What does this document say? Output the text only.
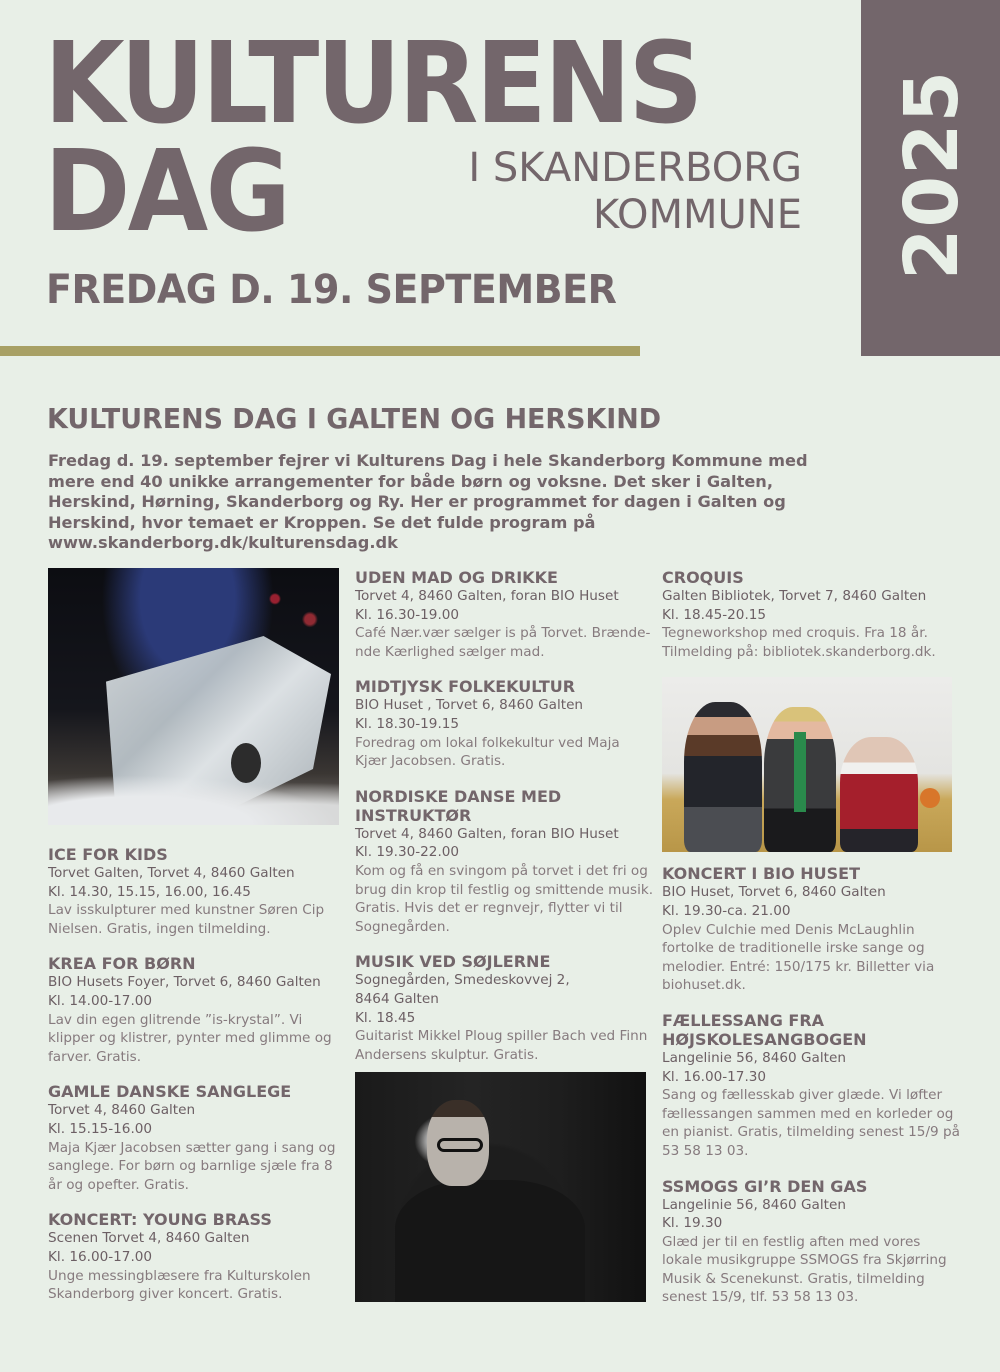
KULTURENS
DAG	I SKANDERBORG
KOMMUNE
FREDAG D. 19. SEPTEMBER
2025
KULTURENS DAG I GALTEN OG HERSKIND

Fredag d. 19. september fejrer vi Kulturens Dag i hele Skanderborg Kommune med mere end 40 unikke arrangementer for både børn og voksne. Det sker i Galten, Herskind, Hørning, Skanderborg og Ry. Her er programmet for dagen i Galten og Herskind, hvor temaet er Kroppen. Se det fulde program på www.skanderborg.dk/kulturensdag.dk

ICE FOR KIDS
Torvet Galten, Torvet 4, 8460 Galten
Kl. 14.30, 15.15, 16.00, 16.45
Lav isskulpturer med kunstner Søren Cip Nielsen. Gratis, ingen tilmelding.
KREA FOR BØRN
BIO Husets Foyer, Torvet 6, 8460 Galten
Kl. 14.00-17.00
Lav din egen glitrende ”is-krystal”. Vi klipper og klistrer, pynter med glimme og farver. Gratis.
GAMLE DANSKE SANGLEGE
Torvet 4, 8460 Galten
Kl. 15.15-16.00
Maja Kjær Jacobsen sætter gang i sang og sanglege. For børn og barnlige sjæle fra 8 år og opefter. Gratis.
KONCERT: YOUNG BRASS
Scenen Torvet 4, 8460 Galten
Kl. 16.00-17.00
Unge messingblæsere fra Kulturskolen Skanderborg giver koncert. Gratis.
UDEN MAD OG DRIKKE
Torvet 4, 8460 Galten, foran BIO Huset
Kl. 16.30-19.00
Café Nær.vær sælger is på Torvet. Brændende Kærlighed sælger mad.
MIDTJYSK FOLKEKULTUR
BIO Huset , Torvet 6, 8460 Galten
Kl. 18.30-19.15
Foredrag om lokal folkekultur ved Maja Kjær Jacobsen. Gratis.
NORDISKE DANSE MED INSTRUKTØR
Torvet 4, 8460 Galten, foran BIO Huset
Kl. 19.30-22.00
Kom og få en svingom på torvet i det fri og brug din krop til festlig og smittende musik. Gratis. Hvis det er regnvejr, flytter vi til Sognegården.
MUSIK VED SØJLERNE
Sognegården, Smedeskovvej 2, 8464 Galten
Kl. 18.45
Guitarist Mikkel Ploug spiller Bach ved Finn Andersens skulptur. Gratis.
CROQUIS
Galten Bibliotek, Torvet 7, 8460 Galten
Kl. 18.45-20.15
Tegneworkshop med croquis. Fra 18 år. Tilmelding på: bibliotek.skanderborg.dk.
KONCERT I BIO HUSET
BIO Huset, Torvet 6, 8460 Galten
Kl. 19.30-ca. 21.00
Oplev Culchie med Denis McLaughlin fortolke de traditionelle irske sange og melodier. Entré: 150/175 kr. Billetter via biohuset.dk.
FÆLLESSANG FRA HØJSKOLESANGBOGEN
Langelinie 56, 8460 Galten
Kl. 16.00-17.30
Sang og fællesskab giver glæde. Vi løfter fællessangen sammen med en korleder og en pianist. Gratis, tilmelding senest 15/9 på 53 58 13 03.
SSMOGS GI’R DEN GAS
Langelinie 56, 8460 Galten
Kl. 19.30
Glæd jer til en festlig aften med vores lokale musikgruppe SSMOGS fra Skjørring Musik & Scenekunst. Gratis, tilmelding senest 15/9, tlf. 53 58 13 03.
